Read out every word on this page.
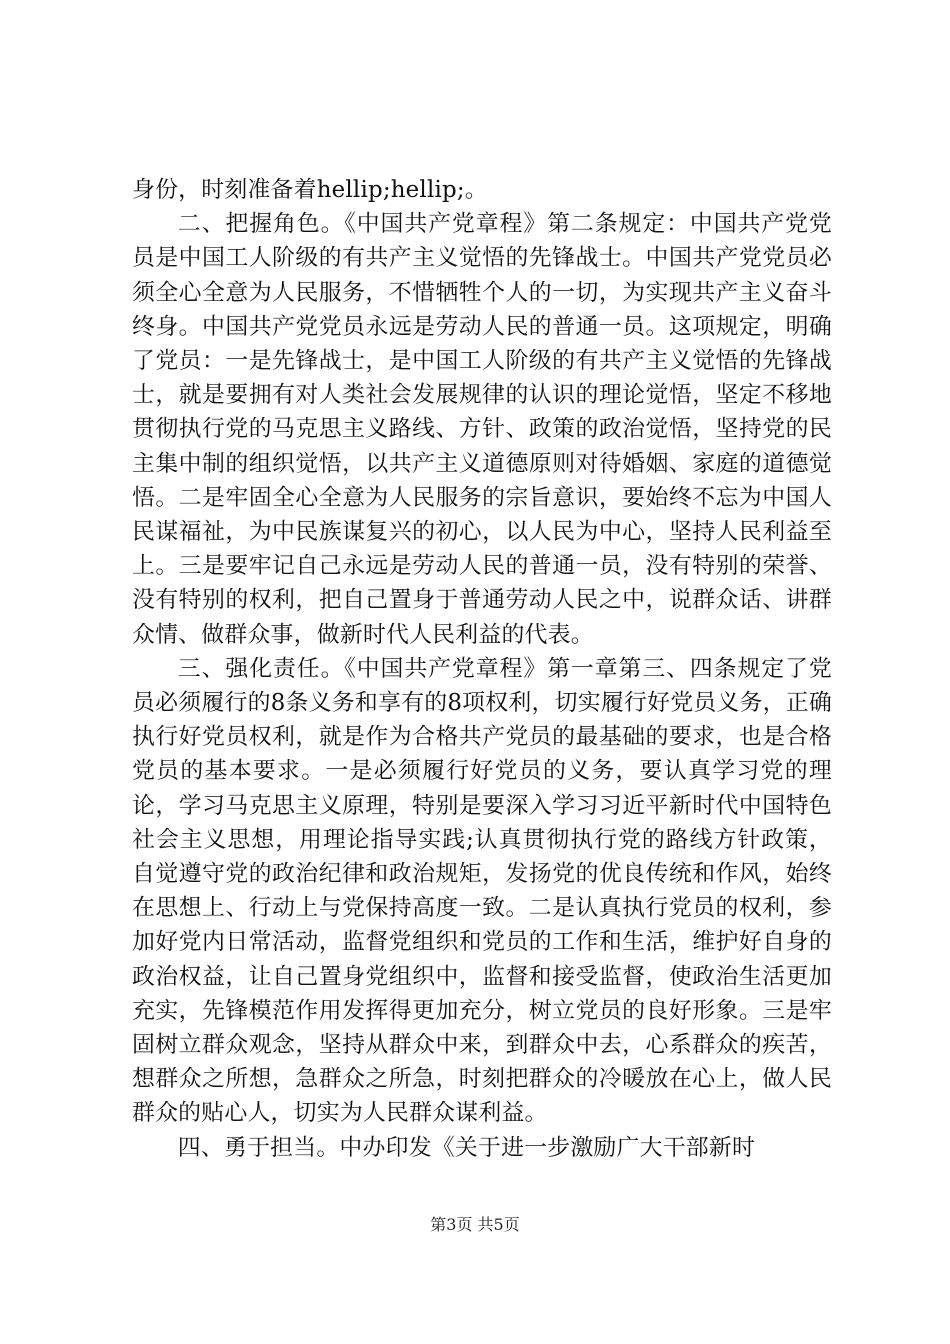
身份，时刻准备着hellip;hellip;。

二、把握角色。《中国共产党章程》第二条规定：中国共产党党员是中国工人阶级的有共产主义觉悟的先锋战士。中国共产党党员必须全心全意为人民服务，不惜牺牲个人的一切，为实现共产主义奋斗终身。中国共产党党员永远是劳动人民的普通一员。这项规定，明确了党员：一是先锋战士，是中国工人阶级的有共产主义觉悟的先锋战士，就是要拥有对人类社会发展规律的认识的理论觉悟，坚定不移地贯彻执行党的马克思主义路线、方针、政策的政治觉悟，坚持党的民主集中制的组织觉悟，以共产主义道德原则对待婚姻、家庭的道德觉悟。二是牢固全心全意为人民服务的宗旨意识，要始终不忘为中国人民谋福祉，为中民族谋复兴的初心，以人民为中心，坚持人民利益至上。三是要牢记自己永远是劳动人民的普通一员，没有特别的荣誉、没有特别的权利，把自己置身于普通劳动人民之中，说群众话、讲群众情、做群众事，做新时代人民利益的代表。

三、强化责任。《中国共产党章程》第一章第三、四条规定了党员必须履行的8条义务和享有的8项权利，切实履行好党员义务，正确执行好党员权利，就是作为合格共产党员的最基础的要求，也是合格党员的基本要求。一是必须履行好党员的义务，要认真学习党的理论，学习马克思主义原理，特别是要深入学习习近平新时代中国特色社会主义思想，用理论指导实践;认真贯彻执行党的路线方针政策，自觉遵守党的政治纪律和政治规矩，发扬党的优良传统和作风，始终在思想上、行动上与党保持高度一致。二是认真执行党员的权利，参加好党内日常活动，监督党组织和党员的工作和生活，维护好自身的政治权益，让自己置身党组织中，监督和接受监督，使政治生活更加充实，先锋模范作用发挥得更加充分，树立党员的良好形象。三是牢固树立群众观念，坚持从群众中来，到群众中去，心系群众的疾苦，想群众之所想，急群众之所急，时刻把群众的冷暖放在心上，做人民群众的贴心人，切实为人民群众谋利益。

四、勇于担当。中办印发《关于进一步激励广大干部新时

第3页 共5页
